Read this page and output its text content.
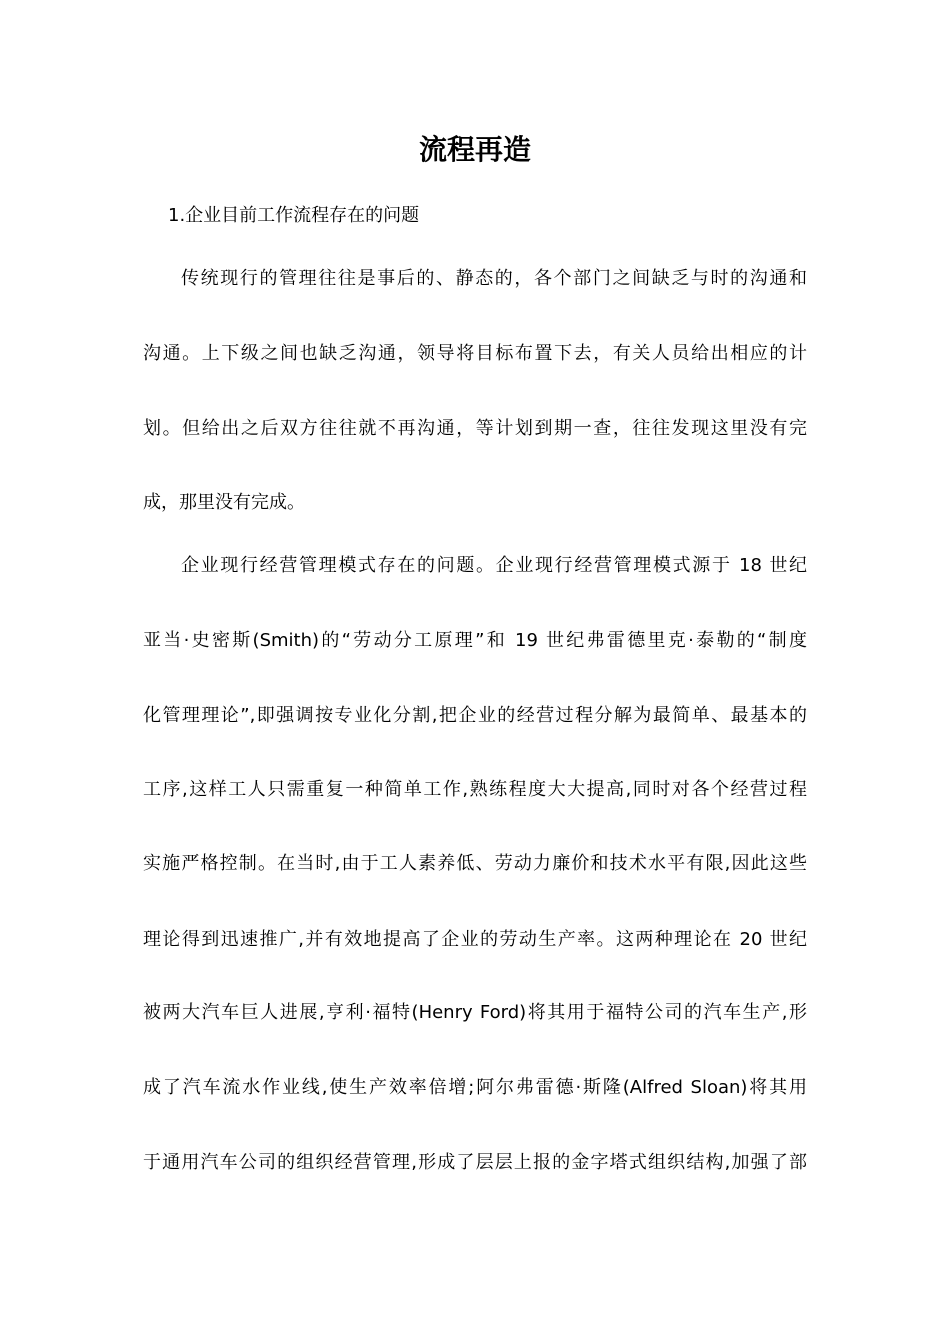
流程再造

1.企业目前工作流程存在的问题

传统现行的管理往往是事后的、静态的，各个部门之间缺乏与时的沟通和

沟通。上下级之间也缺乏沟通，领导将目标布置下去，有关人员给出相应的计

划。但给出之后双方往往就不再沟通，等计划到期一查，往往发现这里没有完

成，那里没有完成。

企业现行经营管理模式存在的问题。企业现行经营管理模式源于 18 世纪

亚当·史密斯(Smith)的“劳动分工原理”和 19 世纪弗雷德里克·泰勒的“制度

化管理理论”,即强调按专业化分割,把企业的经营过程分解为最简单、最基本的

工序,这样工人只需重复一种简单工作,熟练程度大大提高,同时对各个经营过程

实施严格控制。在当时,由于工人素养低、劳动力廉价和技术水平有限,因此这些

理论得到迅速推广,并有效地提高了企业的劳动生产率。这两种理论在 20 世纪

被两大汽车巨人进展,亨利·福特(Henry Ford)将其用于福特公司的汽车生产,形

成了汽车流水作业线,使生产效率倍增;阿尔弗雷德·斯隆(Alfred Sloan)将其用

于通用汽车公司的组织经营管理,形成了层层上报的金字塔式组织结构,加强了部
